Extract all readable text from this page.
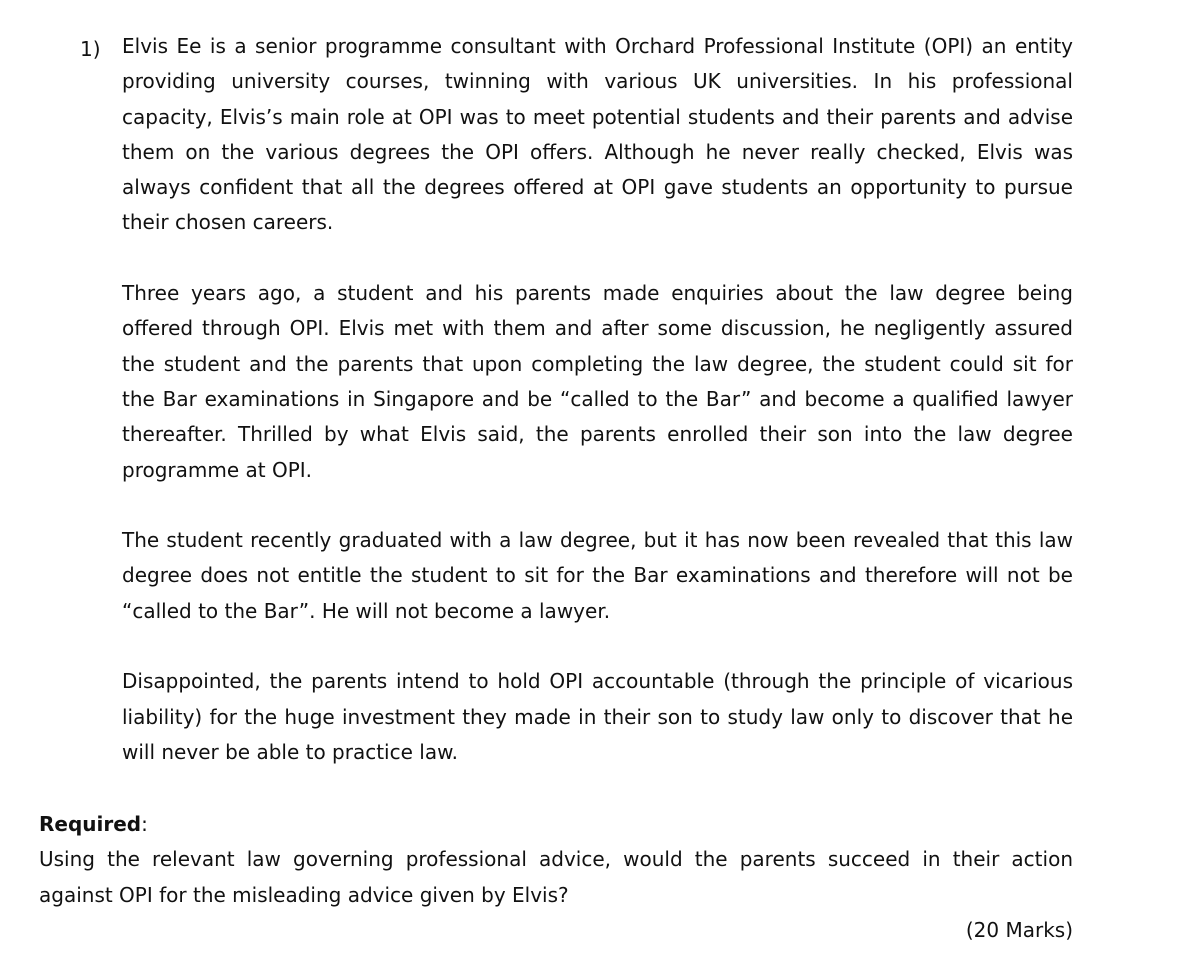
1) Elvis Ee is a senior programme consultant with Orchard Professional Institute (OPI) an entity providing university courses, twinning with various UK universities. In his professional capacity, Elvis’s main role at OPI was to meet potential students and their parents and advise them on the various degrees the OPI offers. Although he never really checked, Elvis was always confident that all the degrees offered at OPI gave students an opportunity to pursue their chosen careers.

Three years ago, a student and his parents made enquiries about the law degree being offered through OPI. Elvis met with them and after some discussion, he negligently assured the student and the parents that upon completing the law degree, the student could sit for the Bar examinations in Singapore and be “called to the Bar” and become a qualified lawyer thereafter. Thrilled by what Elvis said, the parents enrolled their son into the law degree programme at OPI.

The student recently graduated with a law degree, but it has now been revealed that this law degree does not entitle the student to sit for the Bar examinations and therefore will not be “called to the Bar”. He will not become a lawyer.

Disappointed, the parents intend to hold OPI accountable (through the principle of vicarious liability) for the huge investment they made in their son to study law only to discover that he will never be able to practice law.

Required:

Using the relevant law governing professional advice, would the parents succeed in their action against OPI for the misleading advice given by Elvis?

(20 Marks)
